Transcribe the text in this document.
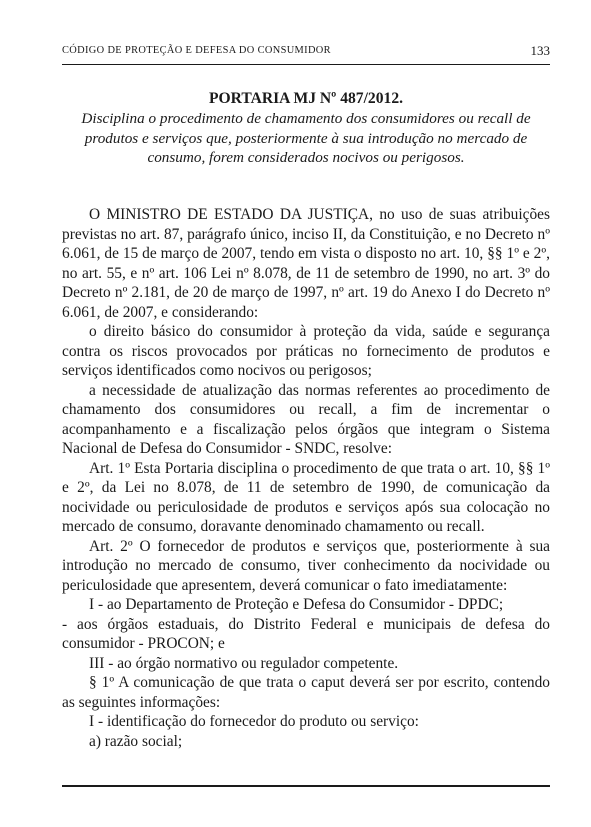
CÓDIGO DE PROTEÇÃO E DEFESA DO CONSUMIDOR	133
PORTARIA MJ Nº 487/2012.
Disciplina o procedimento de chamamento dos consumidores ou recall de produtos e serviços que, posteriormente à sua introdução no mercado de consumo, forem considerados nocivos ou perigosos.

O MINISTRO DE ESTADO DA JUSTIÇA, no uso de suas atribuições previstas no art. 87, parágrafo único, inciso II, da Constituição, e no Decreto nº 6.061, de 15 de março de 2007, tendo em vista o disposto no art. 10, §§ 1º e 2º, no art. 55, e nº art. 106 Lei nº 8.078, de 11 de setembro de 1990, no art. 3º do Decreto nº 2.181, de 20 de março de 1997, nº art. 19 do Anexo I do Decreto nº 6.061, de 2007, e considerando:

o direito básico do consumidor à proteção da vida, saúde e segurança contra os riscos provocados por práticas no fornecimento de produtos e serviços identificados como nocivos ou perigosos;

a necessidade de atualização das normas referentes ao procedimento de chamamento dos consumidores ou recall, a fim de incrementar o acompanhamento e a fiscalização pelos órgãos que integram o Sistema Nacional de Defesa do Consumidor - SNDC, resolve:

Art. 1º Esta Portaria disciplina o procedimento de que trata o art. 10, §§ 1º e 2º, da Lei no 8.078, de 11 de setembro de 1990, de comunicação da nocividade ou periculosidade de produtos e serviços após sua colocação no mercado de consumo, doravante denominado chamamento ou recall.

Art. 2º O fornecedor de produtos e serviços que, posteriormente à sua introdução no mercado de consumo, tiver conhecimento da nocividade ou periculosidade que apresentem, deverá comunicar o fato imediatamente:

I - ao Departamento de Proteção e Defesa do Consumidor - DPDC;

- aos órgãos estaduais, do Distrito Federal e municipais de defesa do consumidor - PROCON; e

III - ao órgão normativo ou regulador competente.

§ 1º A comunicação de que trata o caput deverá ser por escrito, contendo as seguintes informações:

I - identificação do fornecedor do produto ou serviço:

a) razão social;
